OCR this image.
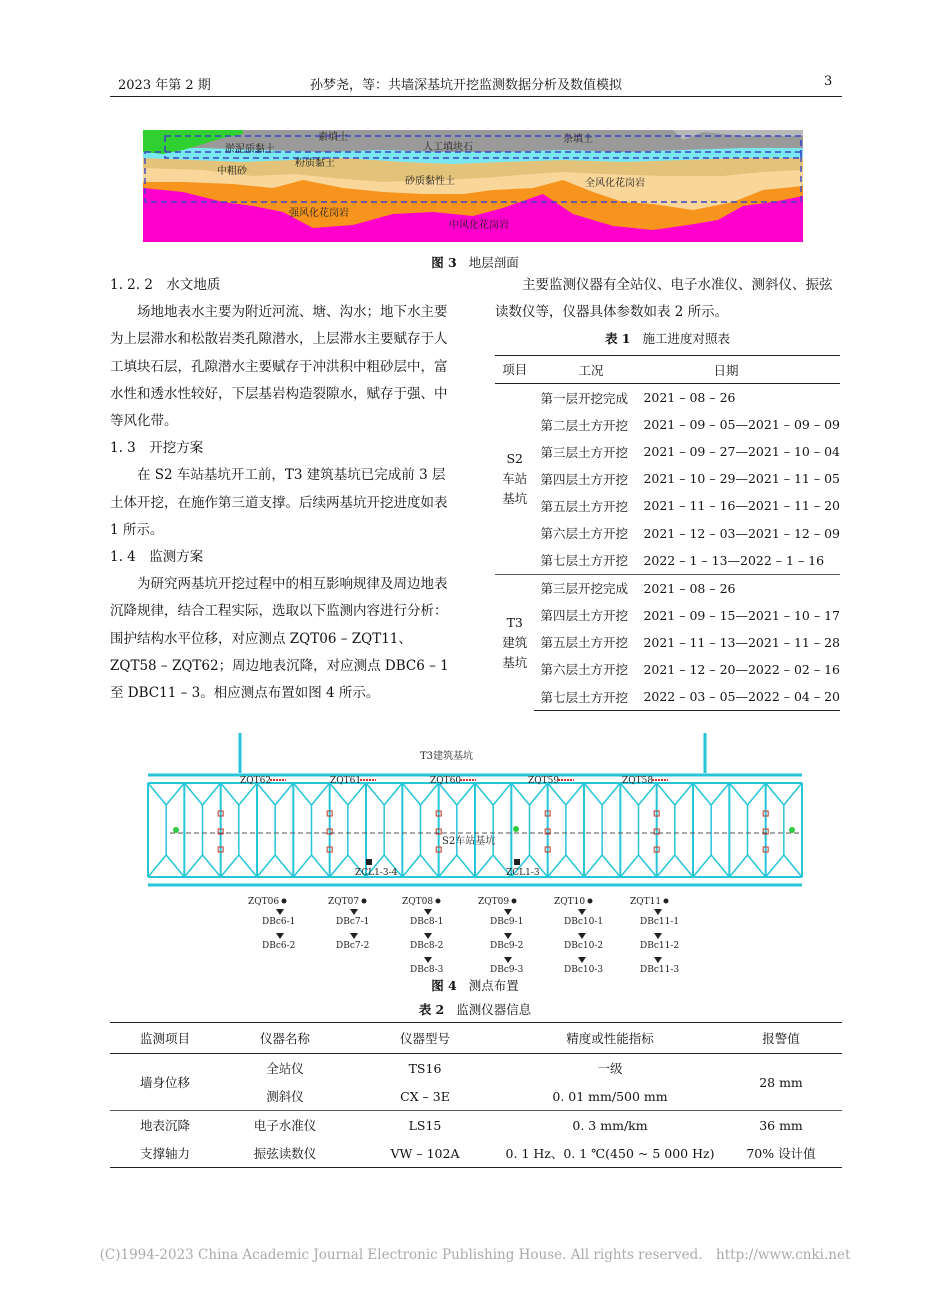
2023 年第 2 期	孙梦尧，等：共墙深基坑开挖监测数据分析及数值模拟	3
素填土	杂填土
淤泥质黏土	人工填块石
粉质黏土
中粗砂
砂质黏性土	全风化花岗岩
强风化花岗岩
中风化花岗岩
图 3 地层剖面

1. 2. 2　水文地质

场地地表水主要为附近河流、塘、沟水；地下水主要为上层滞水和松散岩类孔隙潜水，上层滞水主要赋存于人工填块石层，孔隙潜水主要赋存于冲洪积中粗砂层中，富水性和透水性较好，下层基岩构造裂隙水，赋存于强、中等风化带。

1. 3　开挖方案

在 S2 车站基坑开工前，T3 建筑基坑已完成前 3 层土体开挖，在施作第三道支撑。后续两基坑开挖进度如表 1 所示。

1. 4　监测方案

为研究两基坑开挖过程中的相互影响规律及周边地表沉降规律，结合工程实际，选取以下监测内容进行分析：围护结构水平位移，对应测点 ZQT06 – ZQT11、ZQT58 – ZQT62；周边地表沉降，对应测点 DBC6 – 1 至 DBC11 – 3。相应测点布置如图 4 所示。

主要监测仪器有全站仪、电子水准仪、测斜仪、振弦读数仪等，仪器具体参数如表 2 所示。

表 1 施工进度对照表
项目	工况	日期
S2
车站
基坑	第一层开挖完成	2021 – 08 – 26
	第二层土方开挖	2021 – 09 – 05—2021 – 09 – 09
	第三层土方开挖	2021 – 09 – 27—2021 – 10 – 04
	第四层土方开挖	2021 – 10 – 29—2021 – 11 – 05
	第五层土方开挖	2021 – 11 – 16—2021 – 11 – 20
	第六层土方开挖	2021 – 12 – 03—2021 – 12 – 09
	第七层土方开挖	2022 – 1 – 13—2022 – 1 – 16
T3
建筑
基坑	第三层开挖完成	2021 – 08 – 26
	第四层土方开挖	2021 – 09 – 15—2021 – 10 – 17
	第五层土方开挖	2021 – 11 – 13—2021 – 11 – 28
	第六层土方开挖	2021 – 12 – 20—2022 – 02 – 16
	第七层土方开挖	2022 – 03 – 05—2022 – 04 – 20
T3建筑基坑
S2车站基坑
ZQT62	ZQT61	ZQT60	ZQT59	ZQT58
ZQT06	ZQT07	ZQT08	ZQT09	ZQT10	ZQT11
DBc6-1
DBc6-2
DBc7-1
DBc7-2
DBc8-1
DBc8-2
DBc8-3
DBc9-1
DBc9-2
DBc9-3
DBc10-1
DBc10-2
DBc10-3
DBc11-1
DBc11-2
DBc11-3
ZCL1-3-4	ZCL1-3
图 4 测点布置
表 2 监测仪器信息
监测项目	仪器名称	仪器型号	精度或性能指标	报警值
墙身位移	全站仪	TS16	一级	28 mm
	测斜仪	CX – 3E	0. 01 mm/500 mm	
地表沉降	电子水准仪	LS15	0. 3 mm/km	36 mm
支撑轴力	振弦读数仪	VW – 102A	0. 1 Hz、0. 1 ℃(450 ~ 5 000 Hz)	70% 设计值
(C)1994-2023 China Academic Journal Electronic Publishing House. All rights reserved.　http://www.cnki.net
